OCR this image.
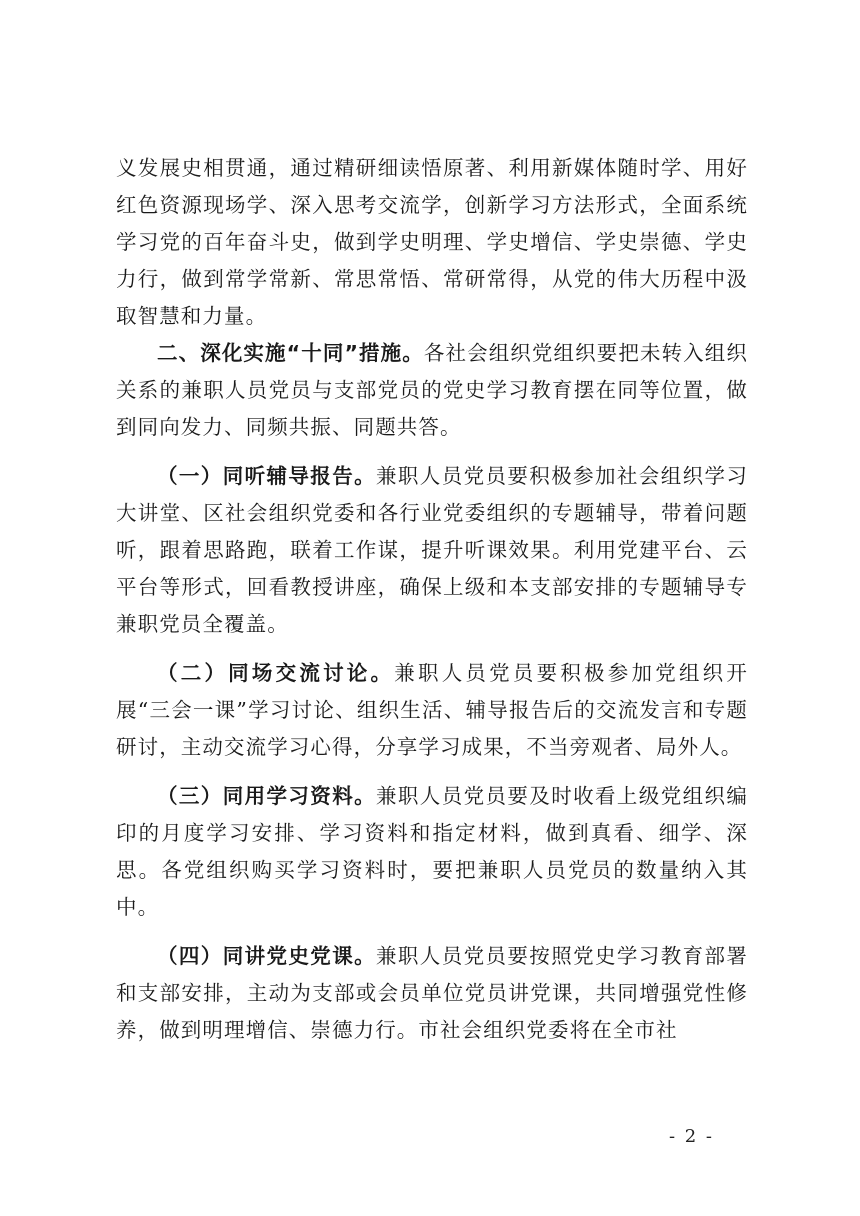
义发展史相贯通，通过精研细读悟原著、利用新媒体随时学、用好红色资源现场学、深入思考交流学，创新学习方法形式，全面系统学习党的百年奋斗史，做到学史明理、学史增信、学史崇德、学史力行，做到常学常新、常思常悟、常研常得，从党的伟大历程中汲取智慧和力量。

二、深化实施“十同”措施。各社会组织党组织要把未转入组织关系的兼职人员党员与支部党员的党史学习教育摆在同等位置，做到同向发力、同频共振、同题共答。

（一）同听辅导报告。兼职人员党员要积极参加社会组织学习大讲堂、区社会组织党委和各行业党委组织的专题辅导，带着问题听，跟着思路跑，联着工作谋，提升听课效果。利用党建平台、云平台等形式，回看教授讲座，确保上级和本支部安排的专题辅导专兼职党员全覆盖。

（二）同场交流讨论。兼职人员党员要积极参加党组织开展“三会一课”学习讨论、组织生活、辅导报告后的交流发言和专题研讨，主动交流学习心得，分享学习成果，不当旁观者、局外人。

（三）同用学习资料。兼职人员党员要及时收看上级党组织编印的月度学习安排、学习资料和指定材料，做到真看、细学、深思。各党组织购买学习资料时，要把兼职人员党员的数量纳入其中。

（四）同讲党史党课。兼职人员党员要按照党史学习教育部署和支部安排，主动为支部或会员单位党员讲党课，共同增强党性修养，做到明理增信、崇德力行。市社会组织党委将在全市社

- 2 -
